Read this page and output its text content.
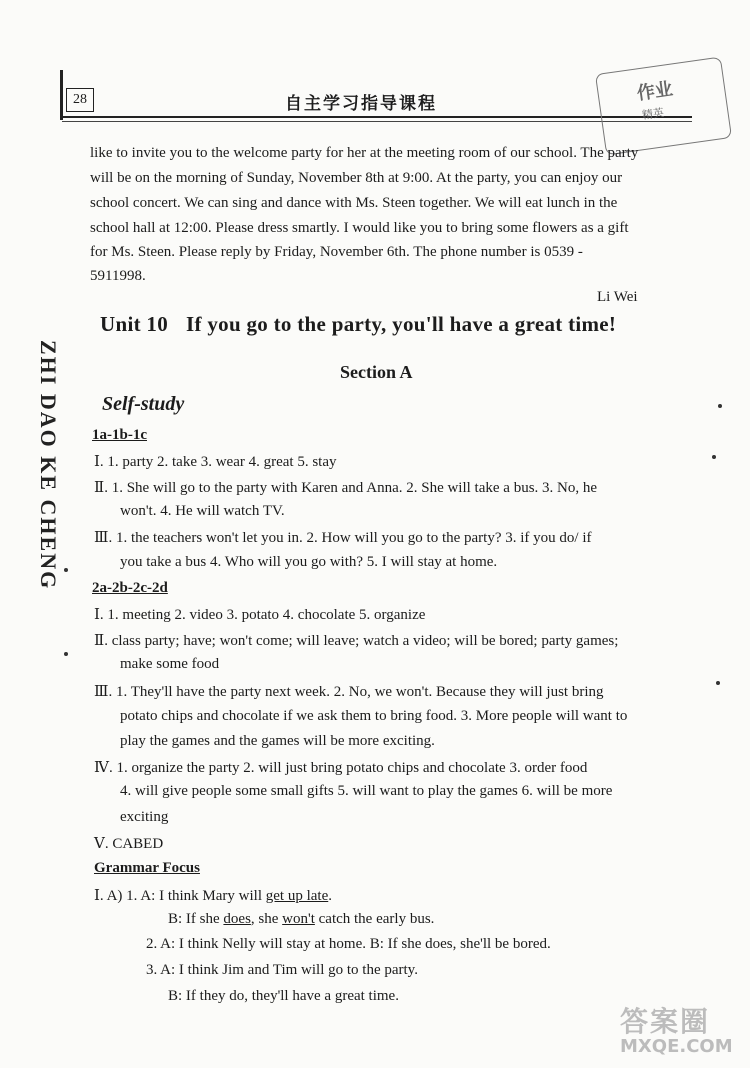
28	自主学习指导课程	作业
精英
ZHI DAO KE CHENG
like to invite you to the welcome party for her at the meeting room of our school. The party
will be on the morning of Sunday, November 8th at 9:00. At the party, you can enjoy our
school concert. We can sing and dance with Ms. Steen together. We will eat lunch in the
school hall at 12:00. Please dress smartly. I would like you to bring some flowers as a gift
for Ms. Steen. Please reply by Friday, November 6th. The phone number is 0539 -
5911998.
Li Wei
Unit 10 If you go to the party, you'll have a great time!
Section A
Self-study
1a-1b-1c
Ⅰ. 1. party 2. take 3. wear 4. great 5. stay
Ⅱ. 1. She will go to the party with Karen and Anna. 2. She will take a bus. 3. No, he
won't. 4. He will watch TV.
Ⅲ. 1. the teachers won't let you in. 2. How will you go to the party? 3. if you do/ if
you take a bus 4. Who will you go with? 5. I will stay at home.
2a-2b-2c-2d
Ⅰ. 1. meeting 2. video 3. potato 4. chocolate 5. organize
Ⅱ. class party; have; won't come; will leave; watch a video; will be bored; party games;
make some food
Ⅲ. 1. They'll have the party next week. 2. No, we won't. Because they will just bring
potato chips and chocolate if we ask them to bring food. 3. More people will want to
play the games and the games will be more exciting.
Ⅳ. 1. organize the party 2. will just bring potato chips and chocolate 3. order food
4. will give people some small gifts 5. will want to play the games 6. will be more
exciting
Ⅴ. CABED
Grammar Focus
Ⅰ. A) 1. A: I think Mary will get up late.
B: If she does, she won't catch the early bus.
2. A: I think Nelly will stay at home. B: If she does, she'll be bored.
3. A: I think Jim and Tim will go to the party.
B: If they do, they'll have a great time.
答案圈
MXQE.COM
